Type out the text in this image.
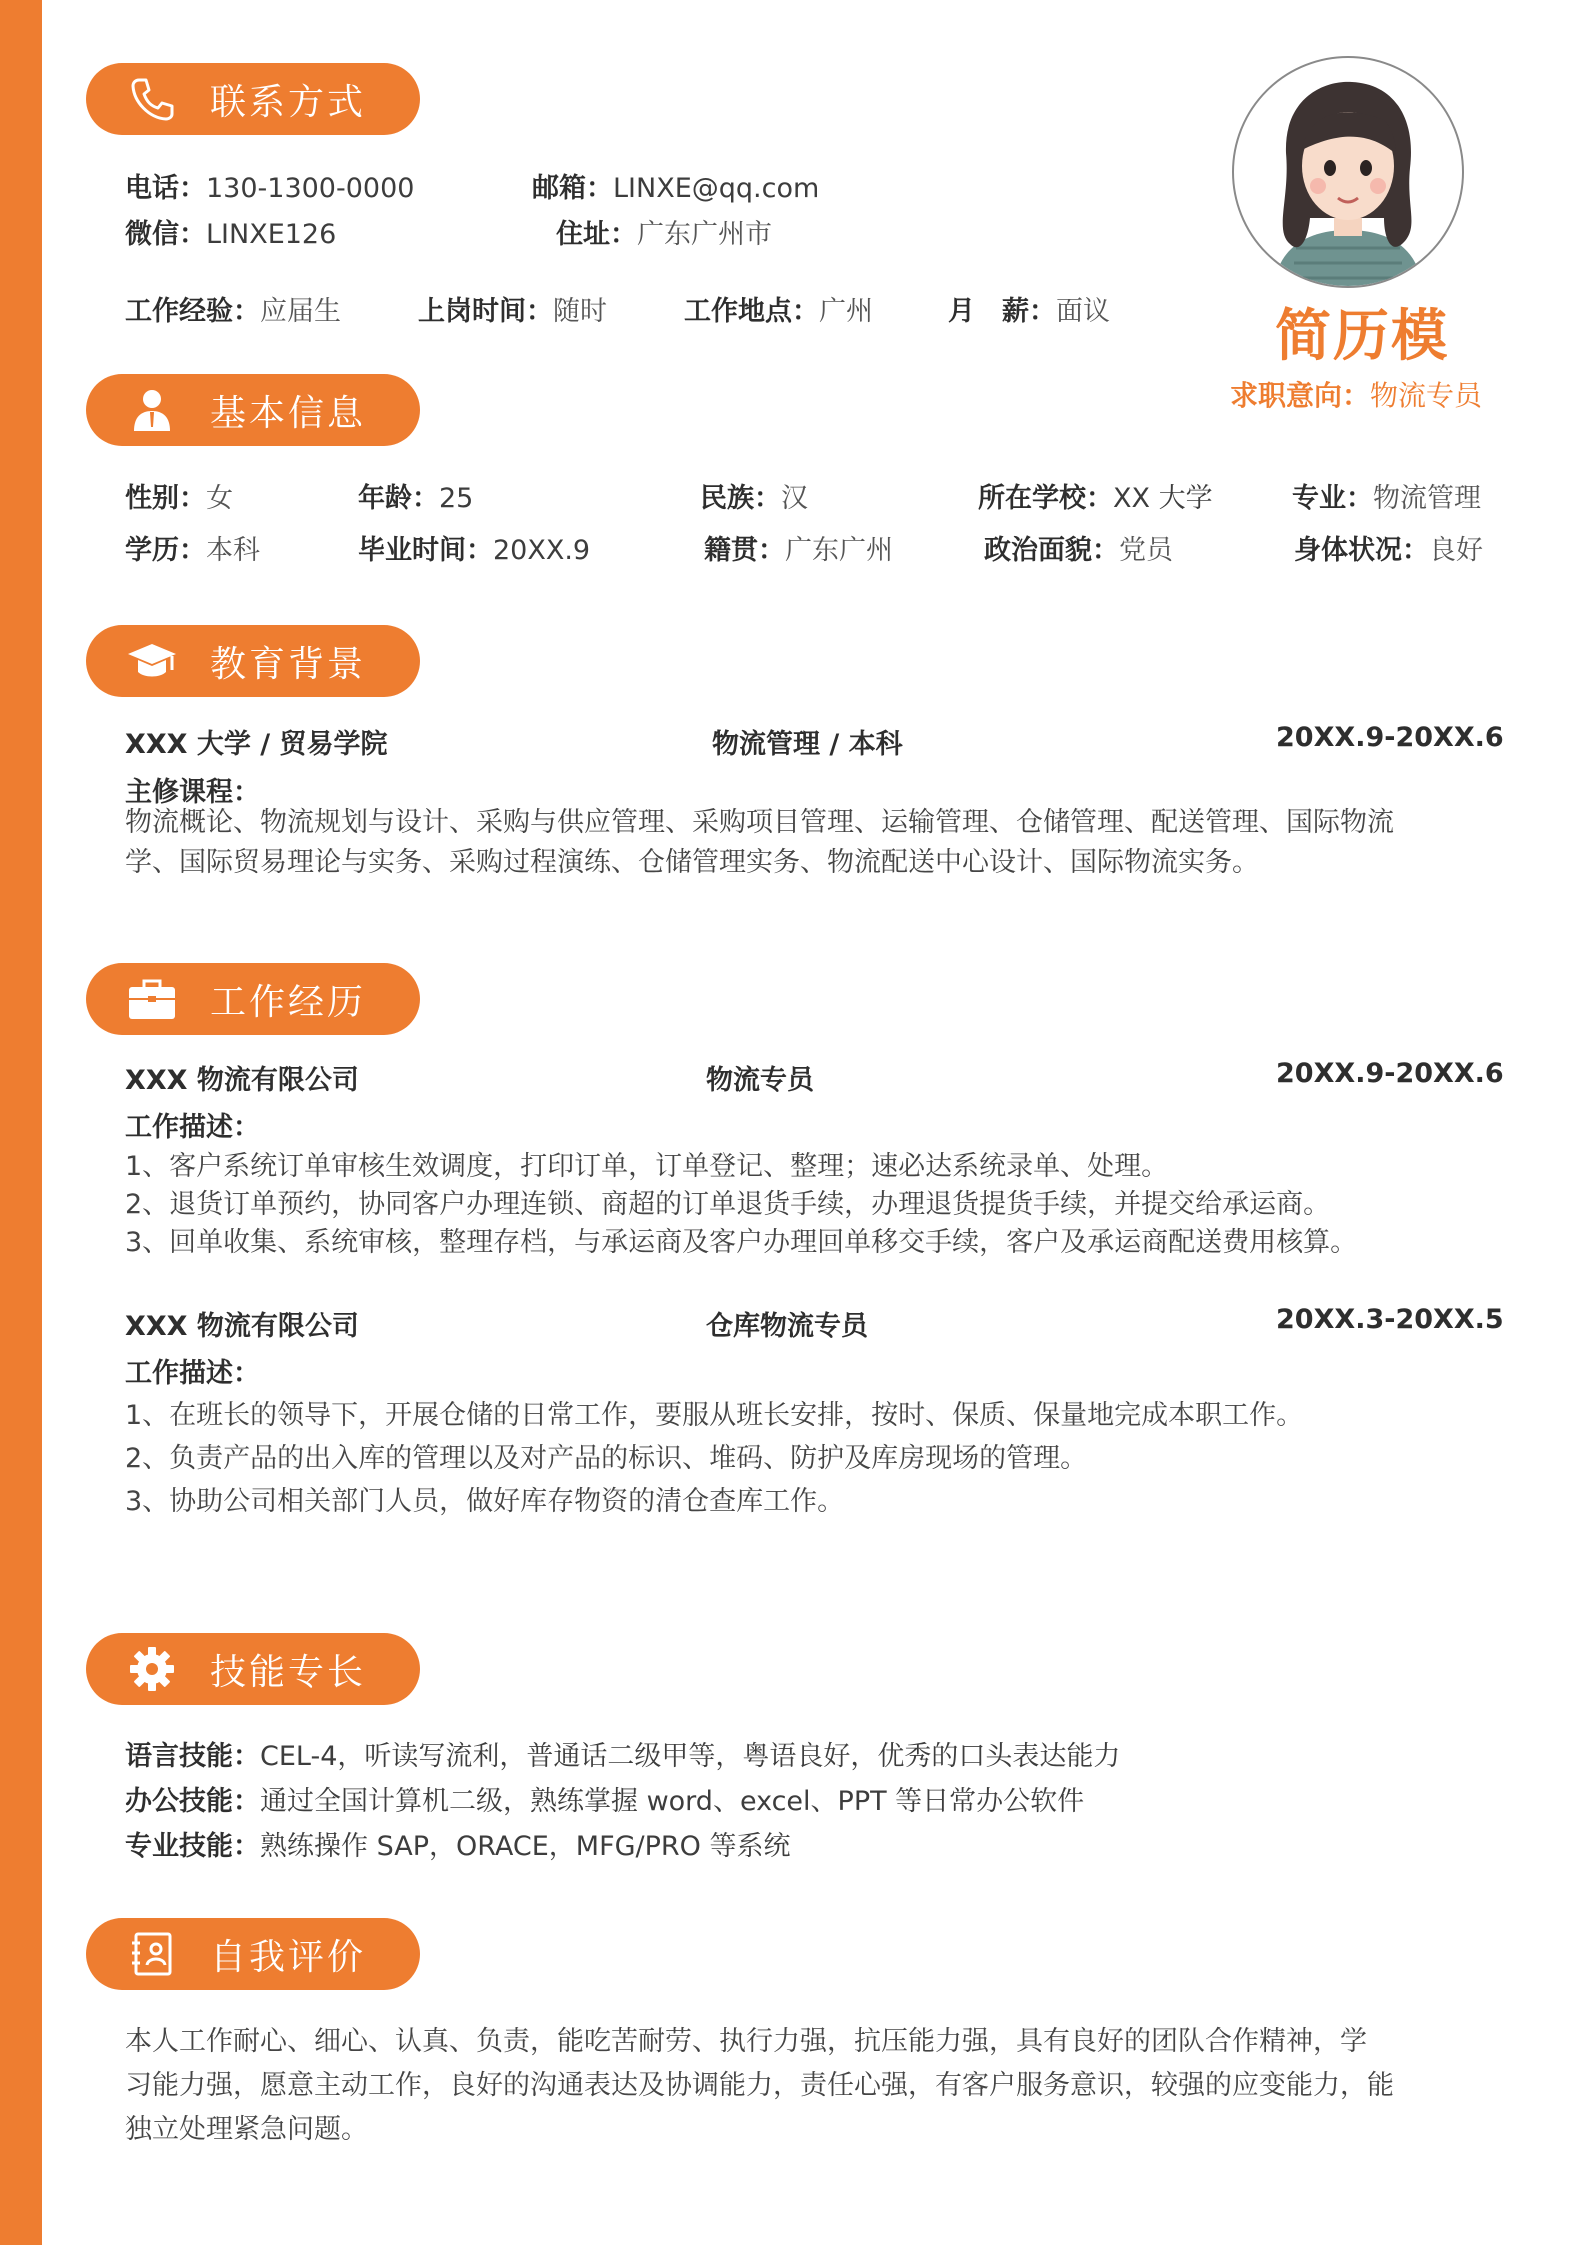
简历模
求职意向：物流专员
联系方式
电话：130-1300-0000	邮箱：LINXE@qq.com
微信：LINXE126	住址：广东广州市
工作经验：应届生	上岗时间：随时	工作地点：广州	月　薪：面议
基本信息
性别：女	年龄：25	民族：汉	所在学校：XX 大学	专业：物流管理
学历：本科	毕业时间：20XX.9	籍贯：广东广州	政治面貌：党员	身体状况：良好
教育背景
XXX 大学 / 贸易学院	物流管理 / 本科	20XX.9-20XX.6
主修课程：
物流概论、物流规划与设计、采购与供应管理、采购项目管理、运输管理、仓储管理、配送管理、国际物流
学、国际贸易理论与实务、采购过程演练、仓储管理实务、物流配送中心设计、国际物流实务。
工作经历
XXX 物流有限公司	物流专员	20XX.9-20XX.6
工作描述：
1、客户系统订单审核生效调度，打印订单，订单登记、整理；速必达系统录单、处理。
2、退货订单预约，协同客户办理连锁、商超的订单退货手续，办理退货提货手续，并提交给承运商。
3、回单收集、系统审核，整理存档，与承运商及客户办理回单移交手续，客户及承运商配送费用核算。
XXX 物流有限公司	仓库物流专员	20XX.3-20XX.5
工作描述：
1、在班长的领导下，开展仓储的日常工作，要服从班长安排，按时、保质、保量地完成本职工作。
2、负责产品的出入库的管理以及对产品的标识、堆码、防护及库房现场的管理。
3、协助公司相关部门人员，做好库存物资的清仓查库工作。
技能专长
语言技能：CEL-4，听读写流利，普通话二级甲等，粤语良好，优秀的口头表达能力
办公技能：通过全国计算机二级，熟练掌握 word、excel、PPT 等日常办公软件
专业技能：熟练操作 SAP，ORACE，MFG/PRO 等系统
自我评价
本人工作耐心、细心、认真、负责，能吃苦耐劳、执行力强，抗压能力强，具有良好的团队合作精神，学
习能力强，愿意主动工作，良好的沟通表达及协调能力，责任心强，有客户服务意识，较强的应变能力，能
独立处理紧急问题。
